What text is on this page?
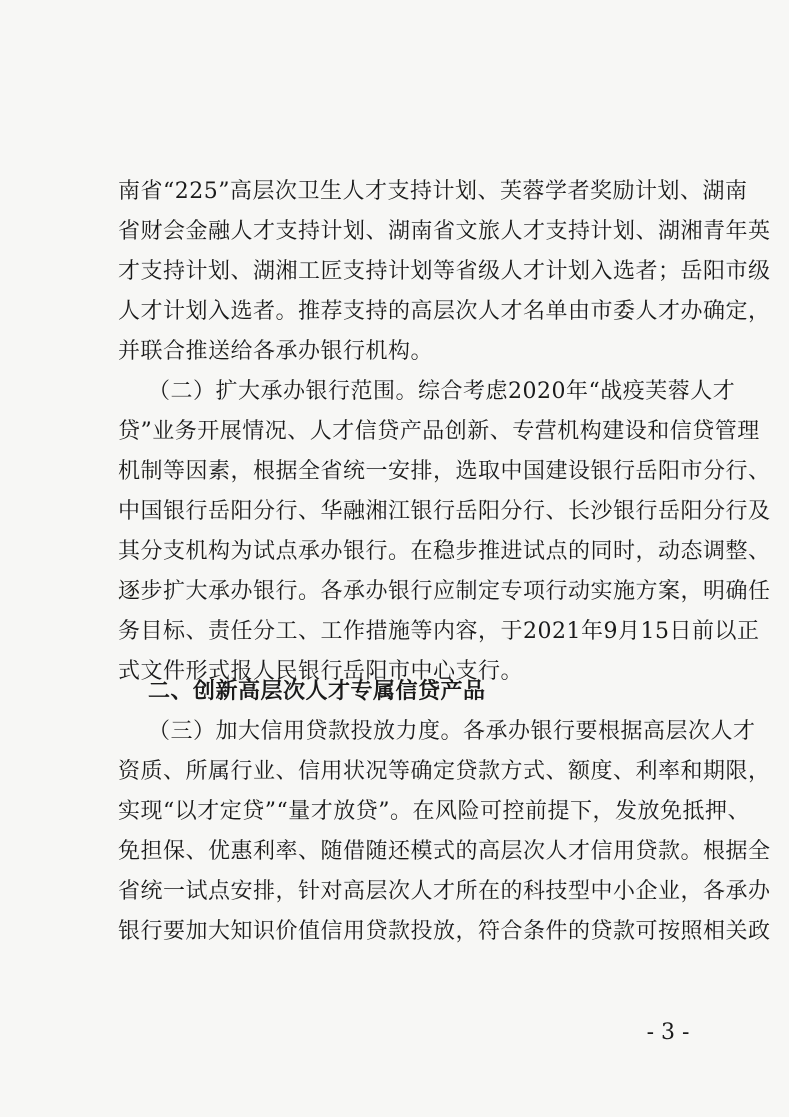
南省“225”高层次卫生人才支持计划、芙蓉学者奖励计划、湖南
省财会金融人才支持计划、湖南省文旅人才支持计划、湖湘青年英
才支持计划、湖湘工匠支持计划等省级人才计划入选者；岳阳市级
人才计划入选者。推荐支持的高层次人才名单由市委人才办确定，
并联合推送给各承办银行机构。
（二）扩大承办银行范围。综合考虑2020年“战疫芙蓉人才
贷”业务开展情况、人才信贷产品创新、专营机构建设和信贷管理
机制等因素，根据全省统一安排，选取中国建设银行岳阳市分行、
中国银行岳阳分行、华融湘江银行岳阳分行、长沙银行岳阳分行及
其分支机构为试点承办银行。在稳步推进试点的同时，动态调整、
逐步扩大承办银行。各承办银行应制定专项行动实施方案，明确任
务目标、责任分工、工作措施等内容，于2021年9月15日前以正
式文件形式报人民银行岳阳市中心支行。
二、创新高层次人才专属信贷产品
（三）加大信用贷款投放力度。各承办银行要根据高层次人才
资质、所属行业、信用状况等确定贷款方式、额度、利率和期限，
实现“以才定贷”“量才放贷”。在风险可控前提下，发放免抵押、
免担保、优惠利率、随借随还模式的高层次人才信用贷款。根据全
省统一试点安排，针对高层次人才所在的科技型中小企业，各承办
银行要加大知识价值信用贷款投放，符合条件的贷款可按照相关政
- 3 -
